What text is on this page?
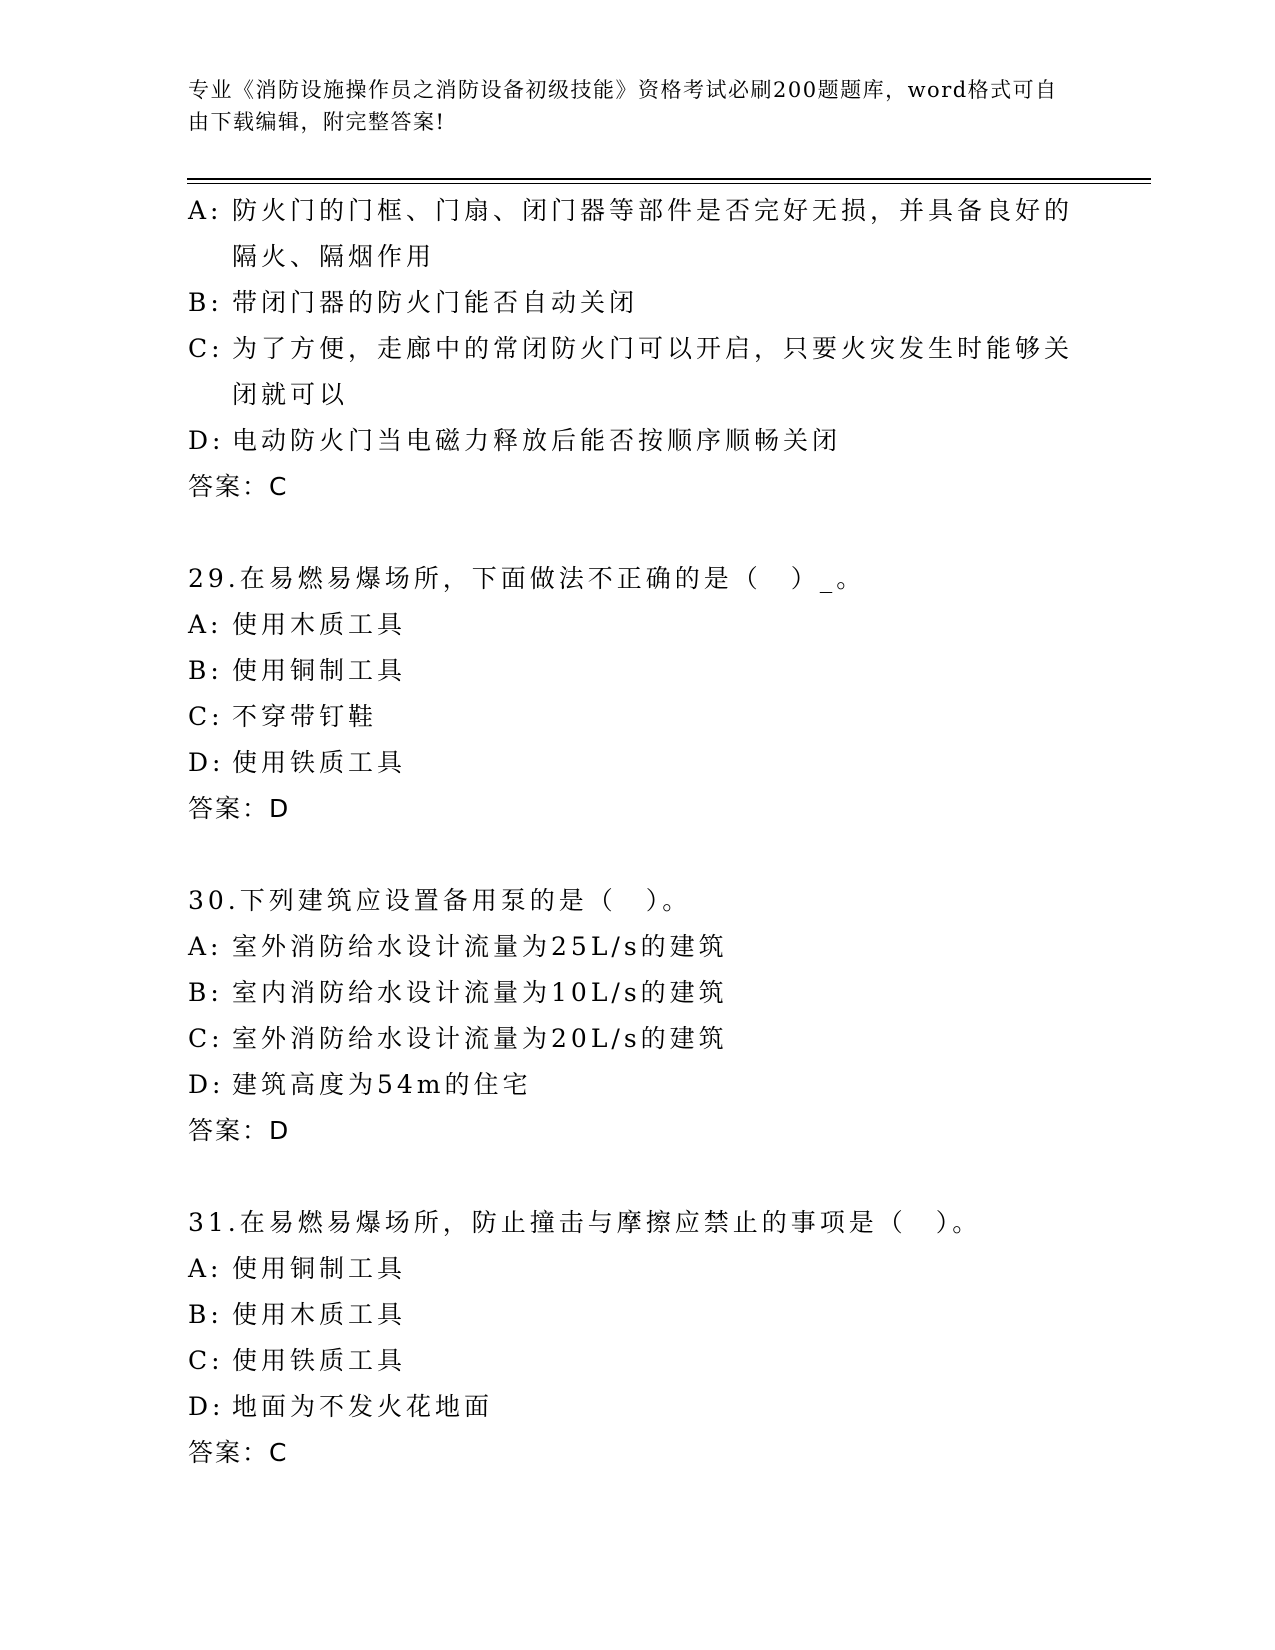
专业《消防设施操作员之消防设备初级技能》资格考试必刷200题题库，word格式可自由下载编辑，附完整答案!
A: 防火门的门框、门扇、闭门器等部件是否完好无损，并具备良好的隔火、隔烟作用
B: 带闭门器的防火门能否自动关闭
C: 为了方便，走廊中的常闭防火门可以开启，只要火灾发生时能够关闭就可以
D: 电动防火门当电磁力释放后能否按顺序顺畅关闭
答案：C
29.在易燃易爆场所，下面做法不正确的是（　）_。
A: 使用木质工具
B: 使用铜制工具
C: 不穿带钉鞋
D: 使用铁质工具
答案：D
30.下列建筑应设置备用泵的是（　）。
A: 室外消防给水设计流量为25L/s的建筑
B: 室内消防给水设计流量为10L/s的建筑
C: 室外消防给水设计流量为20L/s的建筑
D: 建筑高度为54m的住宅
答案：D
31.在易燃易爆场所，防止撞击与摩擦应禁止的事项是（　）。
A: 使用铜制工具
B: 使用木质工具
C: 使用铁质工具
D: 地面为不发火花地面
答案：C
